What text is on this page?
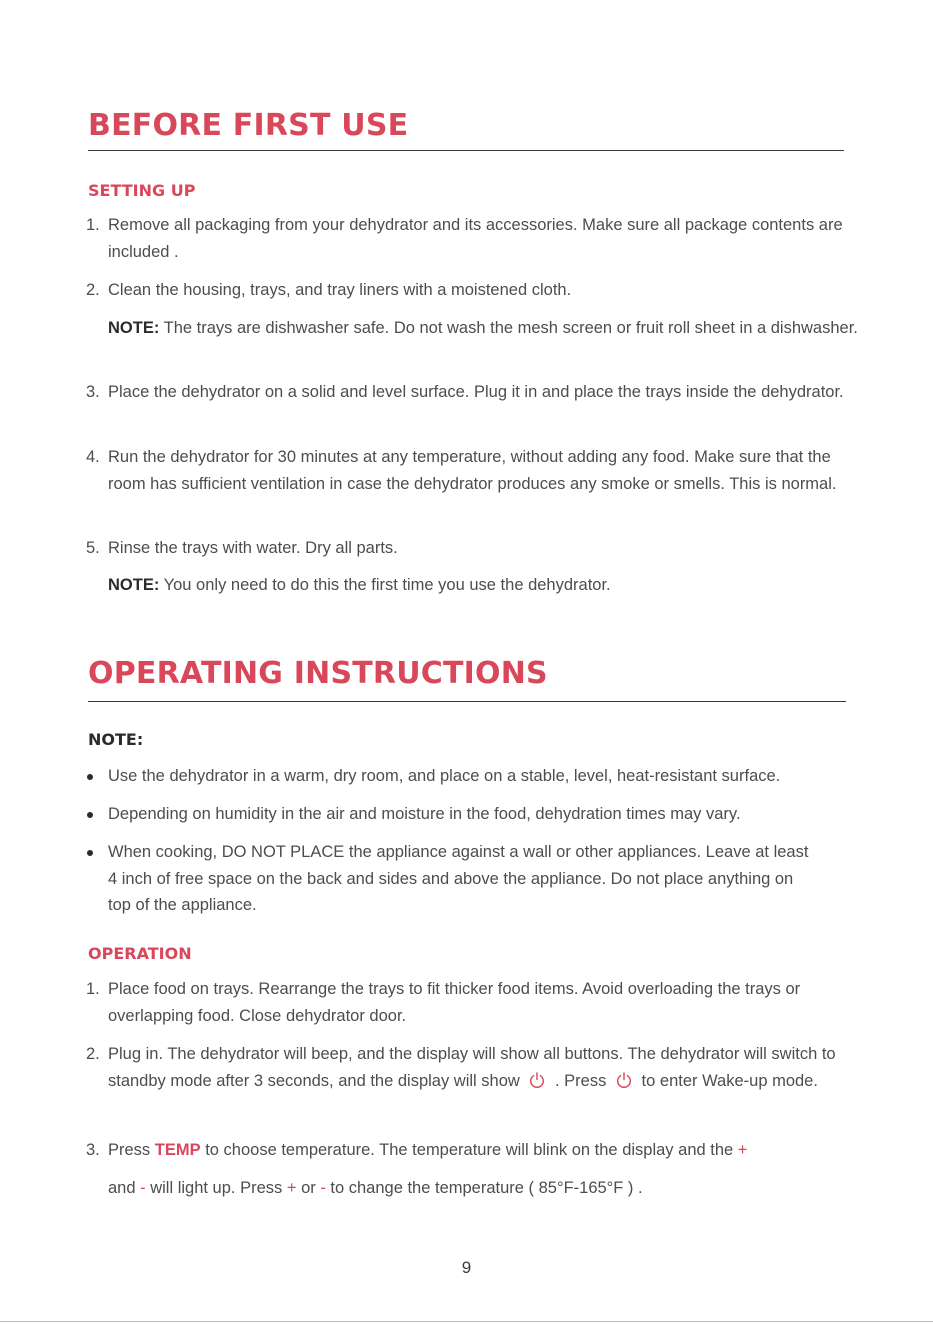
BEFORE FIRST USE
SETTING UP
1. Remove all packaging from your dehydrator and its accessories. Make sure all package contents are included .
2. Clean the housing, trays, and tray liners with a moistened cloth.
NOTE: The trays are dishwasher safe. Do not wash the mesh screen or fruit roll sheet in a dishwasher.
3. Place the dehydrator on a solid and level surface. Plug it in and place the trays inside the dehydrator.
4. Run the dehydrator for 30 minutes at any temperature, without adding any food. Make sure that the room has sufficient ventilation in case the dehydrator produces any smoke or smells. This is normal.
5. Rinse the trays with water. Dry all parts.
NOTE: You only need to do this the first time you use the dehydrator.
OPERATING INSTRUCTIONS
NOTE:
Use the dehydrator in a warm, dry room, and place on a stable, level, heat-resistant surface.
Depending on humidity in the air and moisture in the food, dehydration times may vary.
When cooking, DO NOT PLACE the appliance against a wall or other appliances. Leave at least 4 inch of free space on the back and sides and above the appliance. Do not place anything on top of the appliance.
OPERATION
1. Place food on trays. Rearrange the trays to fit thicker food items. Avoid overloading the trays or overlapping food. Close dehydrator door.
2. Plug in. The dehydrator will beep, and the display will show all buttons. The dehydrator will switch to standby mode after 3 seconds, and the display will show
. Press to enter Wake-up mode.
3. Press TEMP to choose temperature. The temperature will blink on the display and the +
and - will light up. Press + or - to change the temperature ( 85°F-165°F ) .
9
